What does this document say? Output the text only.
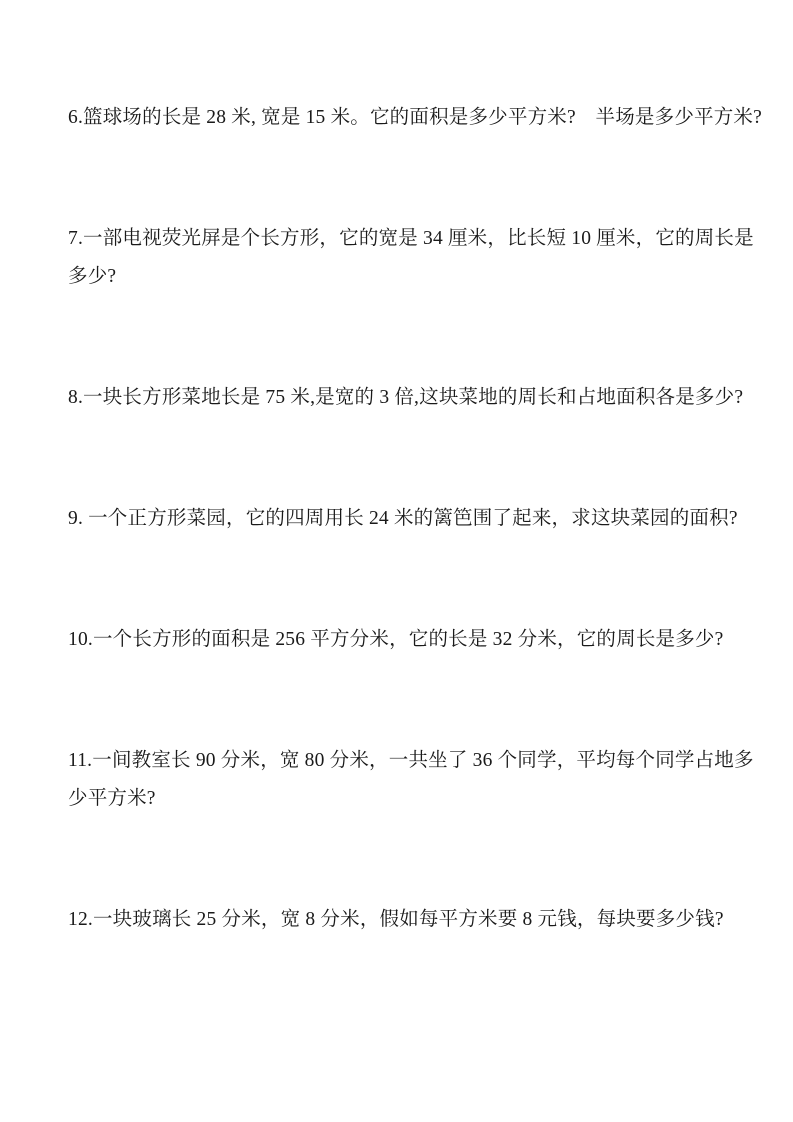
6.篮球场的长是 28 米, 宽是 15 米。它的面积是多少平方米?　半场是多少平方米?
7.一部电视荧光屏是个长方形，它的宽是 34 厘米，比长短 10 厘米，它的周长是
多少?
8.一块长方形菜地长是 75 米,是宽的 3 倍,这块菜地的周长和占地面积各是多少?
9. 一个正方形菜园，它的四周用长 24 米的篱笆围了起来，求这块菜园的面积?
10.一个长方形的面积是 256 平方分米，它的长是 32 分米，它的周长是多少?
11.一间教室长 90 分米，宽 80 分米，一共坐了 36 个同学，平均每个同学占地多
少平方米?
12.一块玻璃长 25 分米，宽 8 分米，假如每平方米要 8 元钱，每块要多少钱?
